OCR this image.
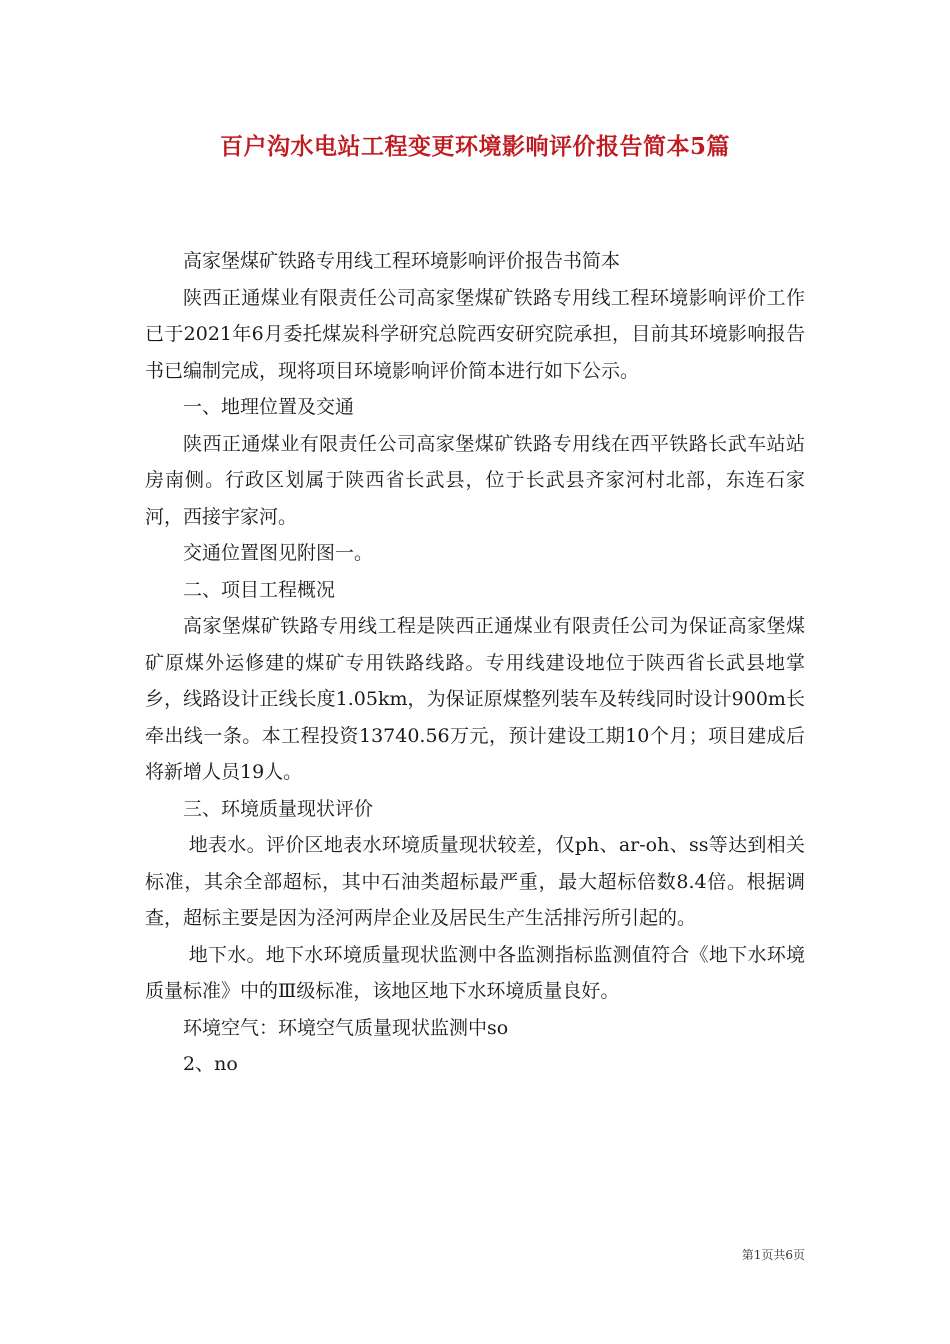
百户沟水电站工程变更环境影响评价报告简本5篇

高家堡煤矿铁路专用线工程环境影响评价报告书简本

陕西正通煤业有限责任公司高家堡煤矿铁路专用线工程环境影响评价工作已于2021年6月委托煤炭科学研究总院西安研究院承担，目前其环境影响报告书已编制完成，现将项目环境影响评价简本进行如下公示。

一、地理位置及交通

陕西正通煤业有限责任公司高家堡煤矿铁路专用线在西平铁路长武车站站房南侧。行政区划属于陕西省长武县，位于长武县齐家河村北部，东连石家河，西接宇家河。

交通位置图见附图一。

二、项目工程概况

高家堡煤矿铁路专用线工程是陕西正通煤业有限责任公司为保证高家堡煤矿原煤外运修建的煤矿专用铁路线路。专用线建设地位于陕西省长武县地掌乡，线路设计正线长度1.05km，为保证原煤整列装车及转线同时设计900m长牵出线一条。本工程投资13740.56万元，预计建设工期10个月；项目建成后将新增人员19人。

三、环境质量现状评价

地表水。评价区地表水环境质量现状较差，仅ph、ar-oh、ss等达到相关标准，其余全部超标，其中石油类超标最严重，最大超标倍数8.4倍。根据调查，超标主要是因为泾河两岸企业及居民生产生活排污所引起的。

地下水。地下水环境质量现状监测中各监测指标监测值符合《地下水环境质量标准》中的Ⅲ级标准，该地区地下水环境质量良好。

环境空气：环境空气质量现状监测中so

2、no

第1页共6页
